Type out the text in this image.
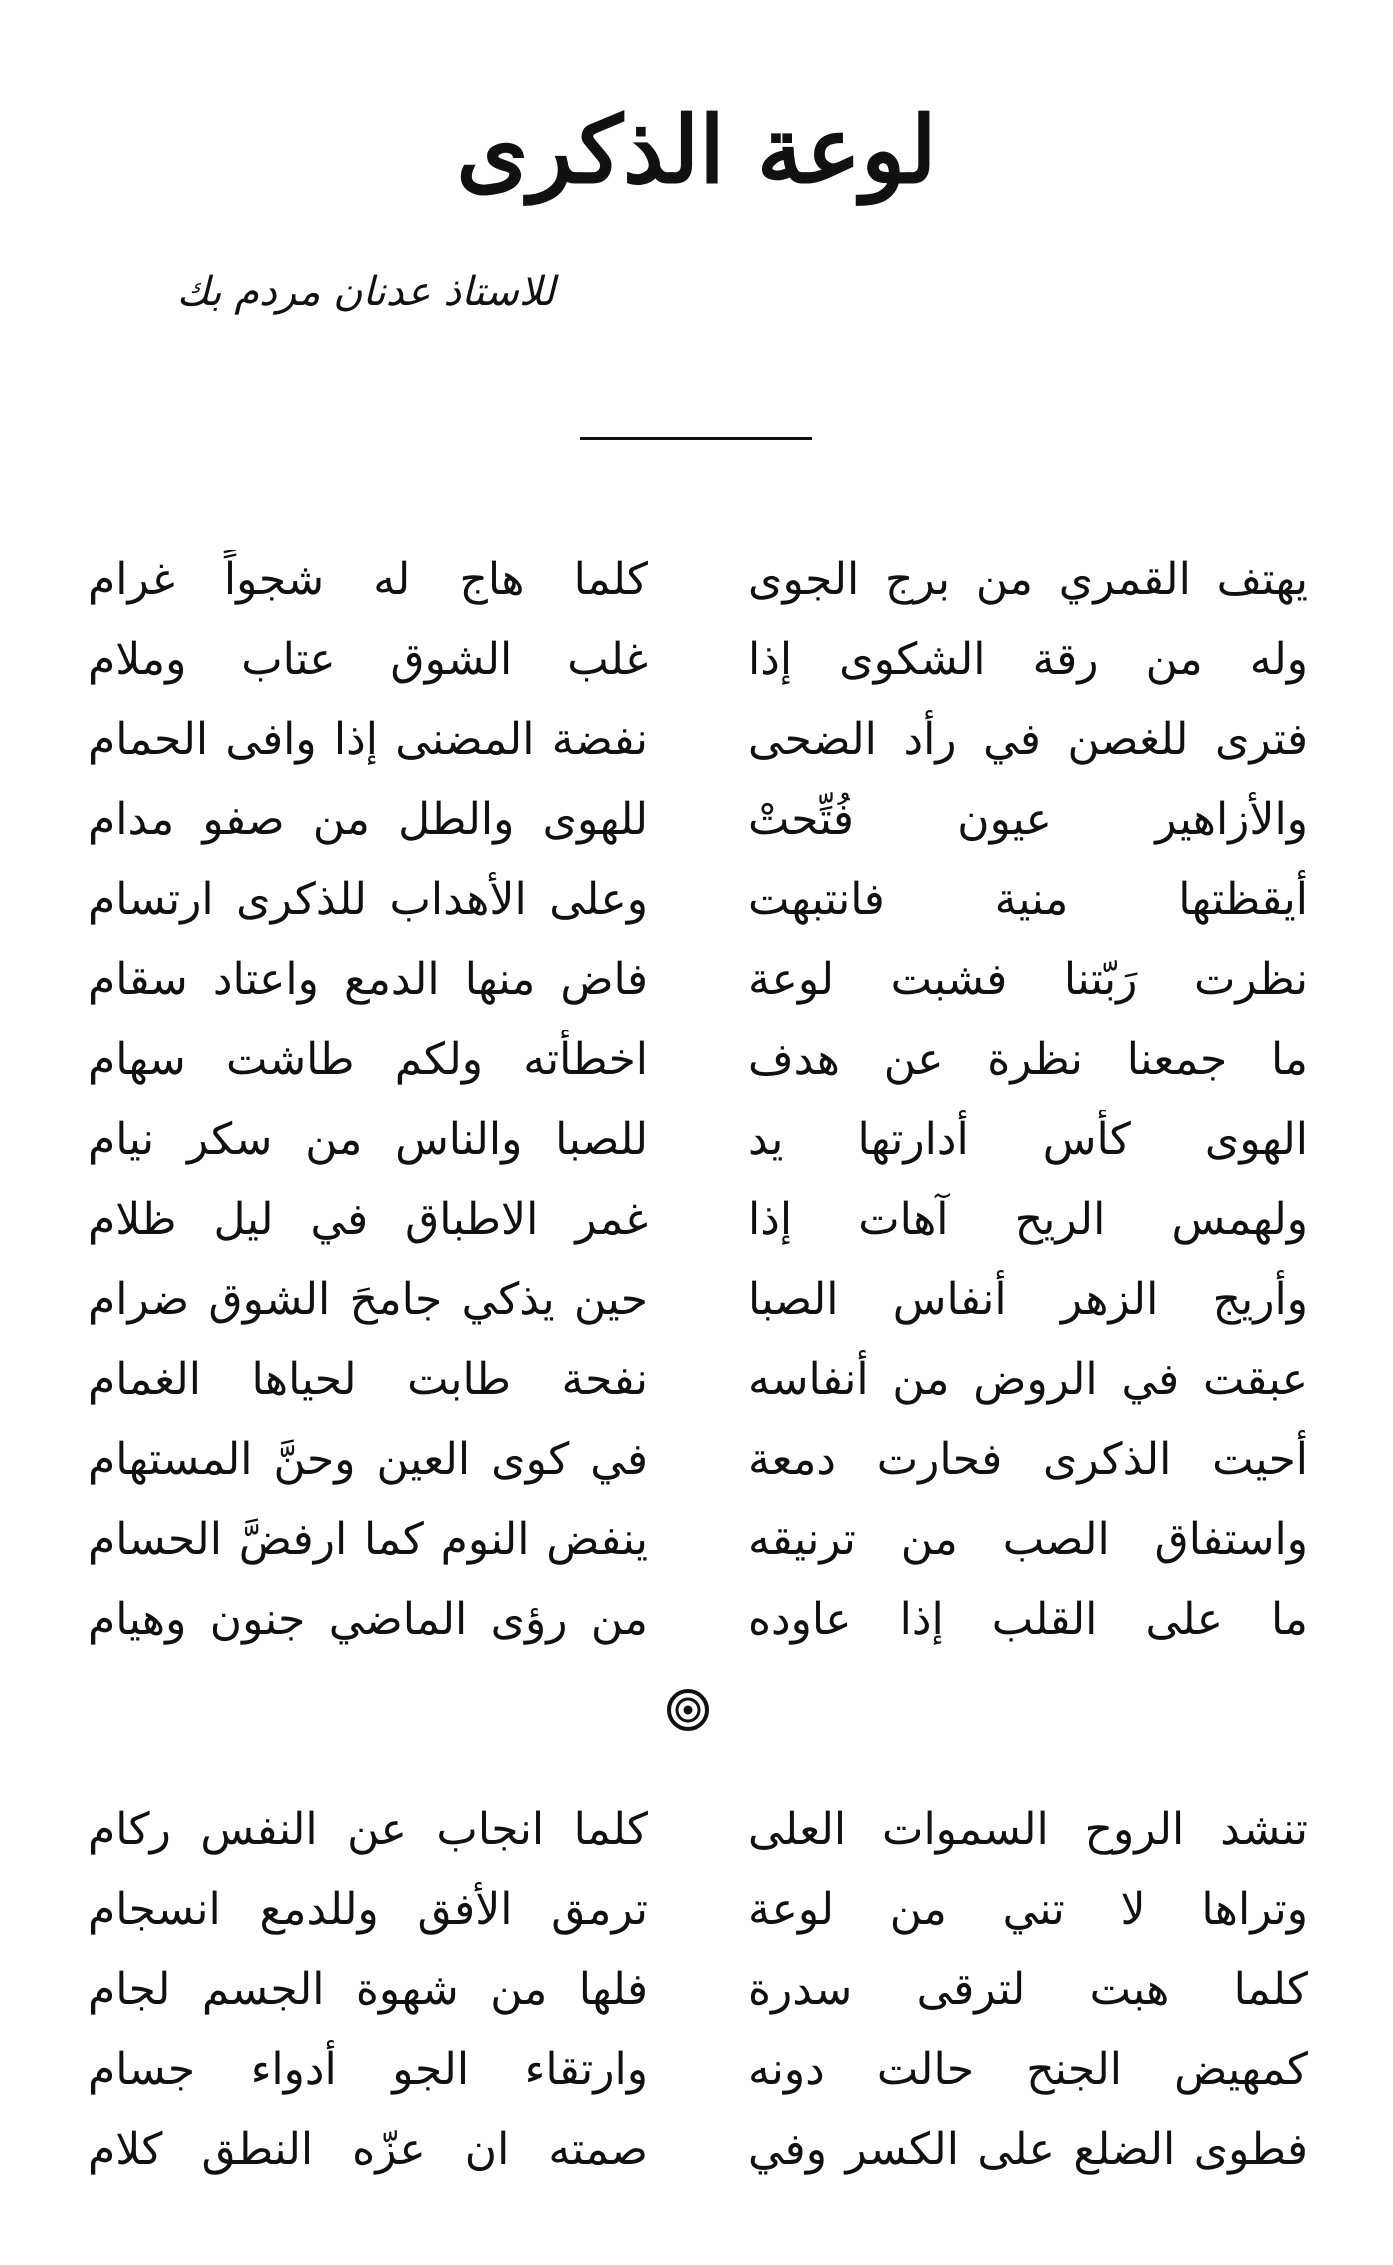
لوعة الذكرى
للاستاذ عدنان مردم بك
يهتف القمري من برج الجوى
كلما هاج له شجواً غرام
وله من رقة الشكوى إذا
غلب الشوق عتاب وملام
فترى للغصن في رأد الضحى
نفضة المضنى إذا وافى الحمام
والأزاهير عيون فُتِّحتْ
للهوى والطل من صفو مدام
أيقظتها منية فانتبهت
وعلى الأهداب للذكرى ارتسام
نظرت رَبّتنا فشبت لوعة
فاض منها الدمع واعتاد سقام
ما جمعنا نظرة عن هدف
اخطأته ولكم طاشت سهام
الهوى كأس أدارتها يد
للصبا والناس من سكر نيام
ولهمس الريح آهات إذا
غمر الاطباق في ليل ظلام
وأريج الزهر أنفاس الصبا
حين يذكي جامحَ الشوق ضرام
عبقت في الروض من أنفاسه
نفحة طابت لحياها الغمام
أحيت الذكرى فحارت دمعة
في كوى العين وحنَّ المستهام
واستفاق الصب من ترنيقه
ينفض النوم كما ارفضَّ الحسام
ما على القلب إذا عاوده
من رؤى الماضي جنون وهيام
تنشد الروح السموات العلى
كلما انجاب عن النفس ركام
وتراها لا تني من لوعة
ترمق الأفق وللدمع انسجام
كلما هبت لترقى سدرة
فلها من شهوة الجسم لجام
كمهيض الجنح حالت دونه
وارتقاء الجو أدواء جسام
فطوى الضلع على الكسر وفي
صمته ان عزّه النطق كلام
